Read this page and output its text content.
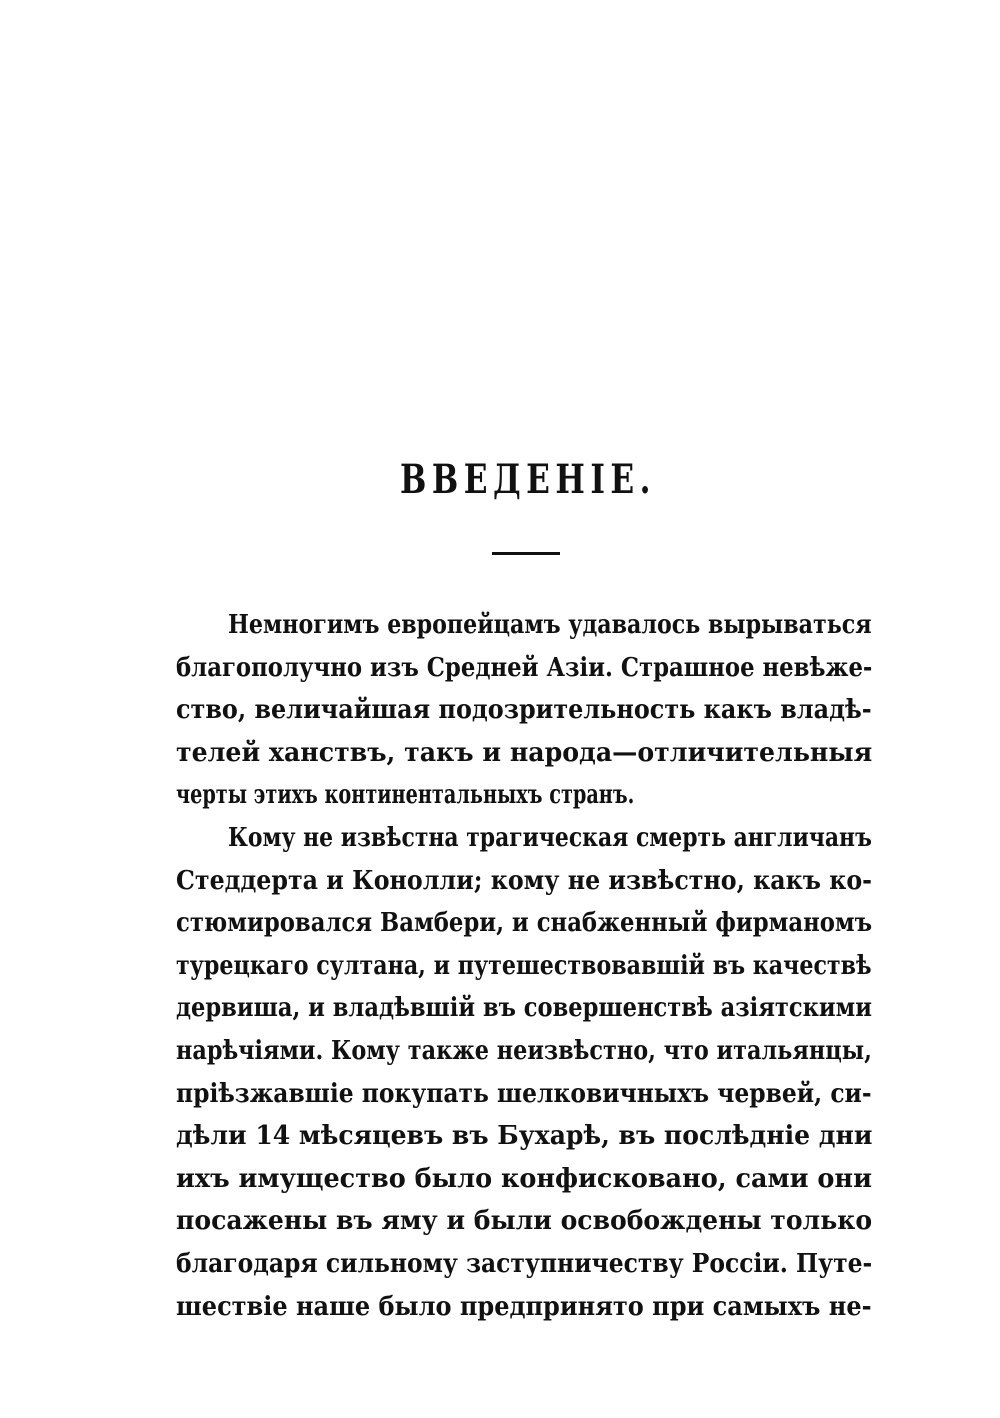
ВВЕДЕНІЕ.
Немногимъ европейцамъ удавалось вырываться
благополучно изъ Средней Азіи. Страшное невѣже-
ство, величайшая подозрительность какъ владѣ-
телей ханствъ, такъ и народа—отличительныя
черты этихъ континентальныхъ странъ.
Кому не извѣстна трагическая смерть англичанъ
Стеддерта и Конолли; кому не извѣстно, какъ ко-
стюмировался Вамбери, и снабженный фирманомъ
турецкаго султана, и путешествовавшій въ качествѣ
дервиша, и владѣвшій въ совершенствѣ азіятскими
нарѣчіями. Кому также неизвѣстно, что итальянцы,
пріѣзжавшіе покупать шелковичныхъ червей, си-
дѣли 14 мѣсяцевъ въ Бухарѣ, въ послѣдніе дни
ихъ имущество было конфисковано, сами они
посажены въ яму и были освобождены только
благодаря сильному заступничеству Россіи. Путе-
шествіе наше было предпринято при самыхъ не-
